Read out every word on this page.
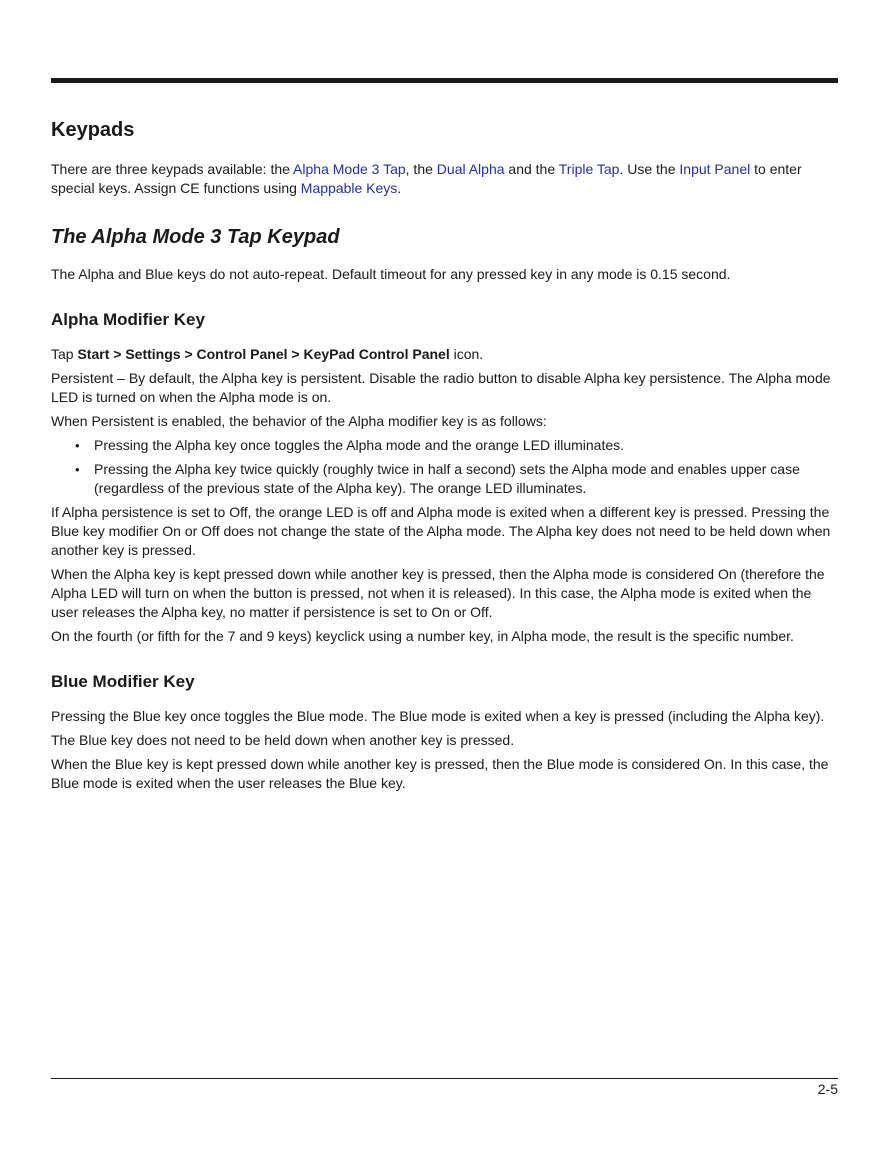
Keypads

There are three keypads available: the Alpha Mode 3 Tap, the Dual Alpha and the Triple Tap. Use the Input Panel to enter special keys. Assign CE functions using Mappable Keys.

The Alpha Mode 3 Tap Keypad

The Alpha and Blue keys do not auto-repeat. Default timeout for any pressed key in any mode is 0.15 second.

Alpha Modifier Key

Tap Start > Settings > Control Panel > KeyPad Control Panel icon.

Persistent – By default, the Alpha key is persistent. Disable the radio button to disable Alpha key persistence. The Alpha mode LED is turned on when the Alpha mode is on.

When Persistent is enabled, the behavior of the Alpha modifier key is as follows:

• Pressing the Alpha key once toggles the Alpha mode and the orange LED illuminates.
• Pressing the Alpha key twice quickly (roughly twice in half a second) sets the Alpha mode and enables upper case (regardless of the previous state of the Alpha key). The orange LED illuminates.

If Alpha persistence is set to Off, the orange LED is off and Alpha mode is exited when a different key is pressed. Pressing the Blue key modifier On or Off does not change the state of the Alpha mode. The Alpha key does not need to be held down when another key is pressed.

When the Alpha key is kept pressed down while another key is pressed, then the Alpha mode is considered On (therefore the Alpha LED will turn on when the button is pressed, not when it is released). In this case, the Alpha mode is exited when the user releases the Alpha key, no matter if persistence is set to On or Off.

On the fourth (or fifth for the 7 and 9 keys) keyclick using a number key, in Alpha mode, the result is the specific number.

Blue Modifier Key

Pressing the Blue key once toggles the Blue mode. The Blue mode is exited when a key is pressed (including the Alpha key).

The Blue key does not need to be held down when another key is pressed.

When the Blue key is kept pressed down while another key is pressed, then the Blue mode is considered On. In this case, the Blue mode is exited when the user releases the Blue key.

2-5
